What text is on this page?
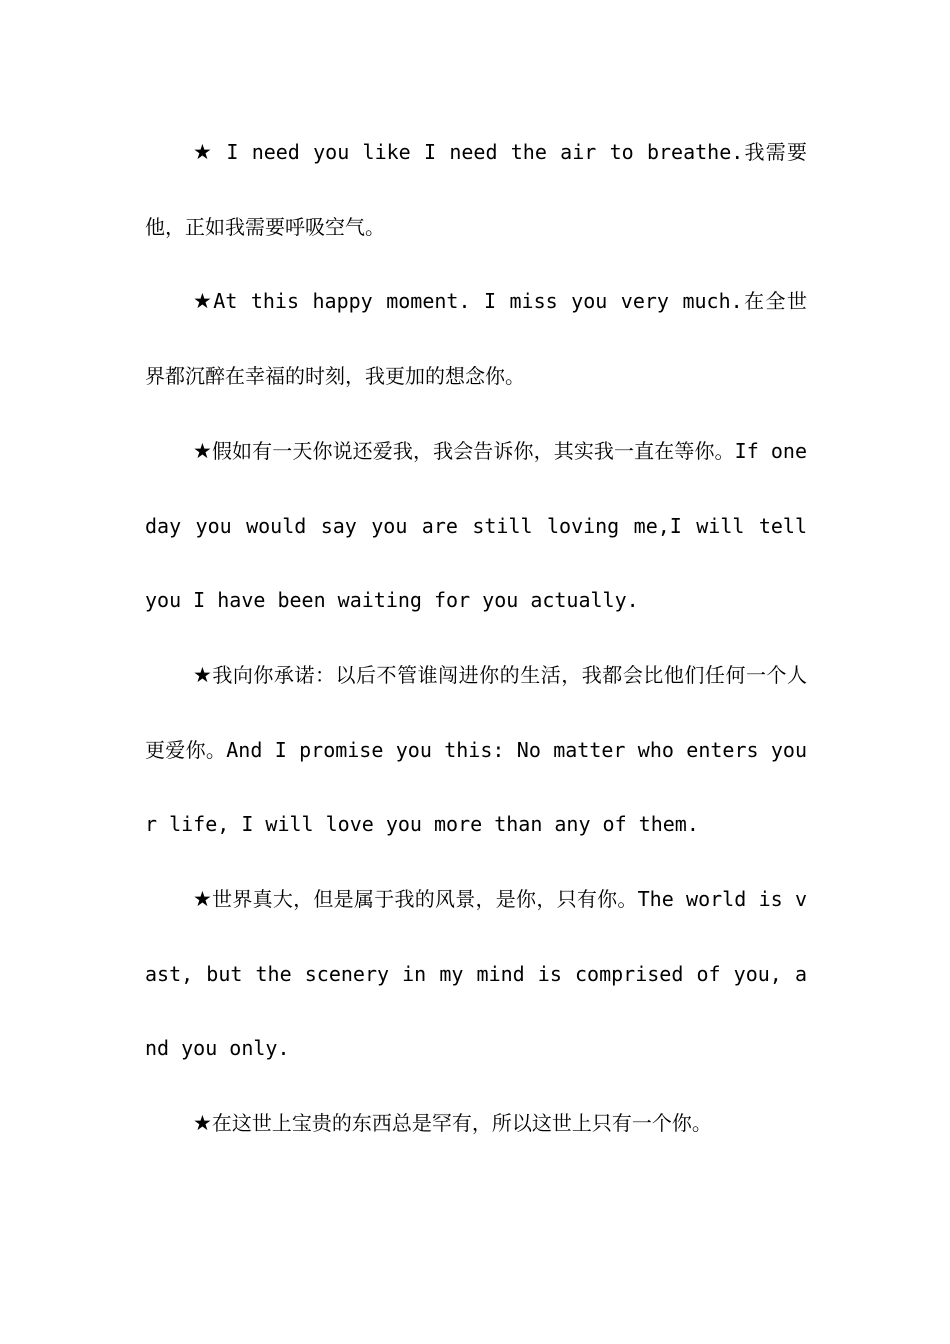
★ I need you like I need the air to breathe.我需要他，正如我需要呼吸空气。

★At this happy moment. I miss you very much.在全世界都沉醉在幸福的时刻，我更加的想念你。

★假如有一天你说还爱我，我会告诉你，其实我一直在等你。If one day you would say you are still loving me,I will tell you I have been waiting for you actually.

★我向你承诺：以后不管谁闯进你的生活，我都会比他们任何一个人更爱你。And I promise you this: No matter who enters your life, I will love you more than any of them.

★世界真大，但是属于我的风景，是你，只有你。The world is vast, but the scenery in my mind is comprised of you, and you only.

★在这世上宝贵的东西总是罕有，所以这世上只有一个你。
